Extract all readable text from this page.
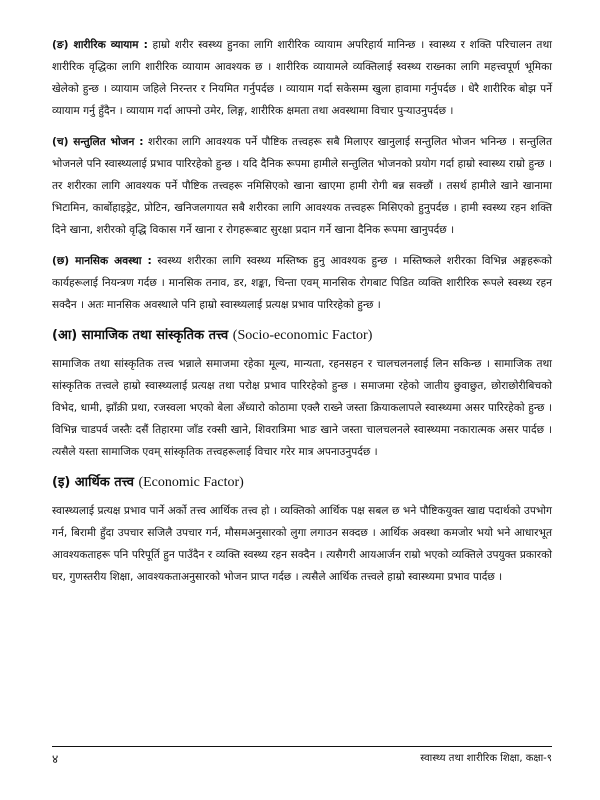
(ङ) शारीरिक व्यायाम : हाम्रो शरीर स्वस्थ्य हुनका लागि शारीरिक व्यायाम अपरिहार्य मानिन्छ । स्वास्थ्य र शक्ति परिचालन तथा शारीरिक वृद्धिका लागि शारीरिक व्यायाम आवश्यक छ । शारीरिक व्यायामले व्यक्तिलाई स्वस्थ्य राख्नका लागि महत्त्वपूर्ण भूमिका खेलेको हुन्छ । व्यायाम जहिले निरन्तर र नियमित गर्नुपर्दछ । व्यायाम गर्दा सकेसम्म खुला हावामा गर्नुपर्दछ । धेरै शारीरिक बोझ पर्ने व्यायाम गर्नु हुँदैन । व्यायाम गर्दा आफ्नो उमेर, लिङ्ग, शारीरिक क्षमता तथा अवस्थामा विचार पुऱ्याउनुपर्दछ ।

(च) सन्तुलित भोजन : शरीरका लागि आवश्यक पर्ने पौष्टिक तत्त्वहरू सबै मिलाएर खानुलाई सन्तुलित भोजन भनिन्छ । सन्तुलित भोजनले पनि स्वास्थ्यलाई प्रभाव पारिरहेको हुन्छ । यदि दैनिक रूपमा हामीले सन्तुलित भोजनको प्रयोग गर्दा हाम्रो स्वास्थ्य राम्रो हुन्छ । तर शरीरका लागि आवश्यक पर्ने पौष्टिक तत्त्वहरू नमिसिएको खाना खाएमा हामी रोगी बन्न सक्छौं । तसर्थ हामीले खाने खानामा भिटामिन, कार्बोहाइड्रेट, प्रोटिन, खनिजलगायत सबै शरीरका लागि आवश्यक तत्त्वहरू मिसिएको हुनुपर्दछ । हामी स्वस्थ्य रहन शक्ति दिने खाना, शरीरको वृद्धि विकास गर्ने खाना र रोगहरूबाट सुरक्षा प्रदान गर्ने खाना दैनिक रूपमा खानुपर्दछ ।

(छ) मानसिक अवस्था : स्वस्थ्य शरीरका लागि स्वस्थ्य मस्तिष्क हुनु आवश्यक हुन्छ । मस्तिष्कले शरीरका विभिन्न अङ्गहरूको कार्यहरूलाई नियन्त्रण गर्दछ । मानसिक तनाव, डर, शङ्का, चिन्ता एवम् मानसिक रोगबाट पिडित व्यक्ति शारीरिक रूपले स्वस्थ्य रहन सक्दैन । अतः मानसिक अवस्थाले पनि हाम्रो स्वास्थ्यलाई प्रत्यक्ष प्रभाव पारिरहेको हुन्छ ।

(आ) सामाजिक तथा सांस्कृतिक तत्त्व (Socio-economic Factor)

सामाजिक तथा सांस्कृतिक तत्त्व भन्नाले समाजमा रहेका मूल्य, मान्यता, रहनसहन र चालचलनलाई लिन सकिन्छ । सामाजिक तथा सांस्कृतिक तत्त्वले हाम्रो स्वास्थ्यलाई प्रत्यक्ष तथा परोक्ष प्रभाव पारिरहेको हुन्छ । समाजमा रहेको जातीय छुवाछुत, छोराछोरीबिचको विभेद, धामी, झाँक्री प्रथा, रजस्वला भएको बेला अँध्यारो कोठामा एक्लै राख्ने जस्ता क्रियाकलापले स्वास्थ्यमा असर पारिरहेको हुन्छ । विभिन्न चाडपर्व जस्तैः दसैं तिहारमा जाँड रक्सी खाने, शिवरात्रिमा भाङ खाने जस्ता चालचलनले स्वास्थ्यमा नकारात्मक असर पार्दछ । त्यसैले यस्ता सामाजिक एवम् सांस्कृतिक तत्त्वहरूलाई विचार गरेर मात्र अपनाउनुपर्दछ ।

(इ) आर्थिक तत्त्व (Economic Factor)

स्वास्थ्यलाई प्रत्यक्ष प्रभाव पार्ने अर्को तत्त्व आर्थिक तत्त्व हो । व्यक्तिको आर्थिक पक्ष सबल छ भने पौष्टिकयुक्त खाद्य पदार्थको उपभोग गर्न, बिरामी हुँदा उपचार सजिलै उपचार गर्न, मौसमअनुसारको लुगा लगाउन सक्दछ । आर्थिक अवस्था कमजोर भयो भने आधारभूत आवश्यकताहरू पनि परिपूर्ति हुन पाउँदैन र व्यक्ति स्वस्थ्य रहन सक्दैन । त्यसैगरी आयआर्जन राम्रो भएको व्यक्तिले उपयुक्त प्रकारको घर, गुणस्तरीय शिक्षा, आवश्यकताअनुसारको भोजन प्राप्त गर्दछ । त्यसैले आर्थिक तत्त्वले हाम्रो स्वास्थ्यमा प्रभाव पार्दछ ।

४	स्वास्थ्य तथा शारीरिक शिक्षा, कक्षा-९
